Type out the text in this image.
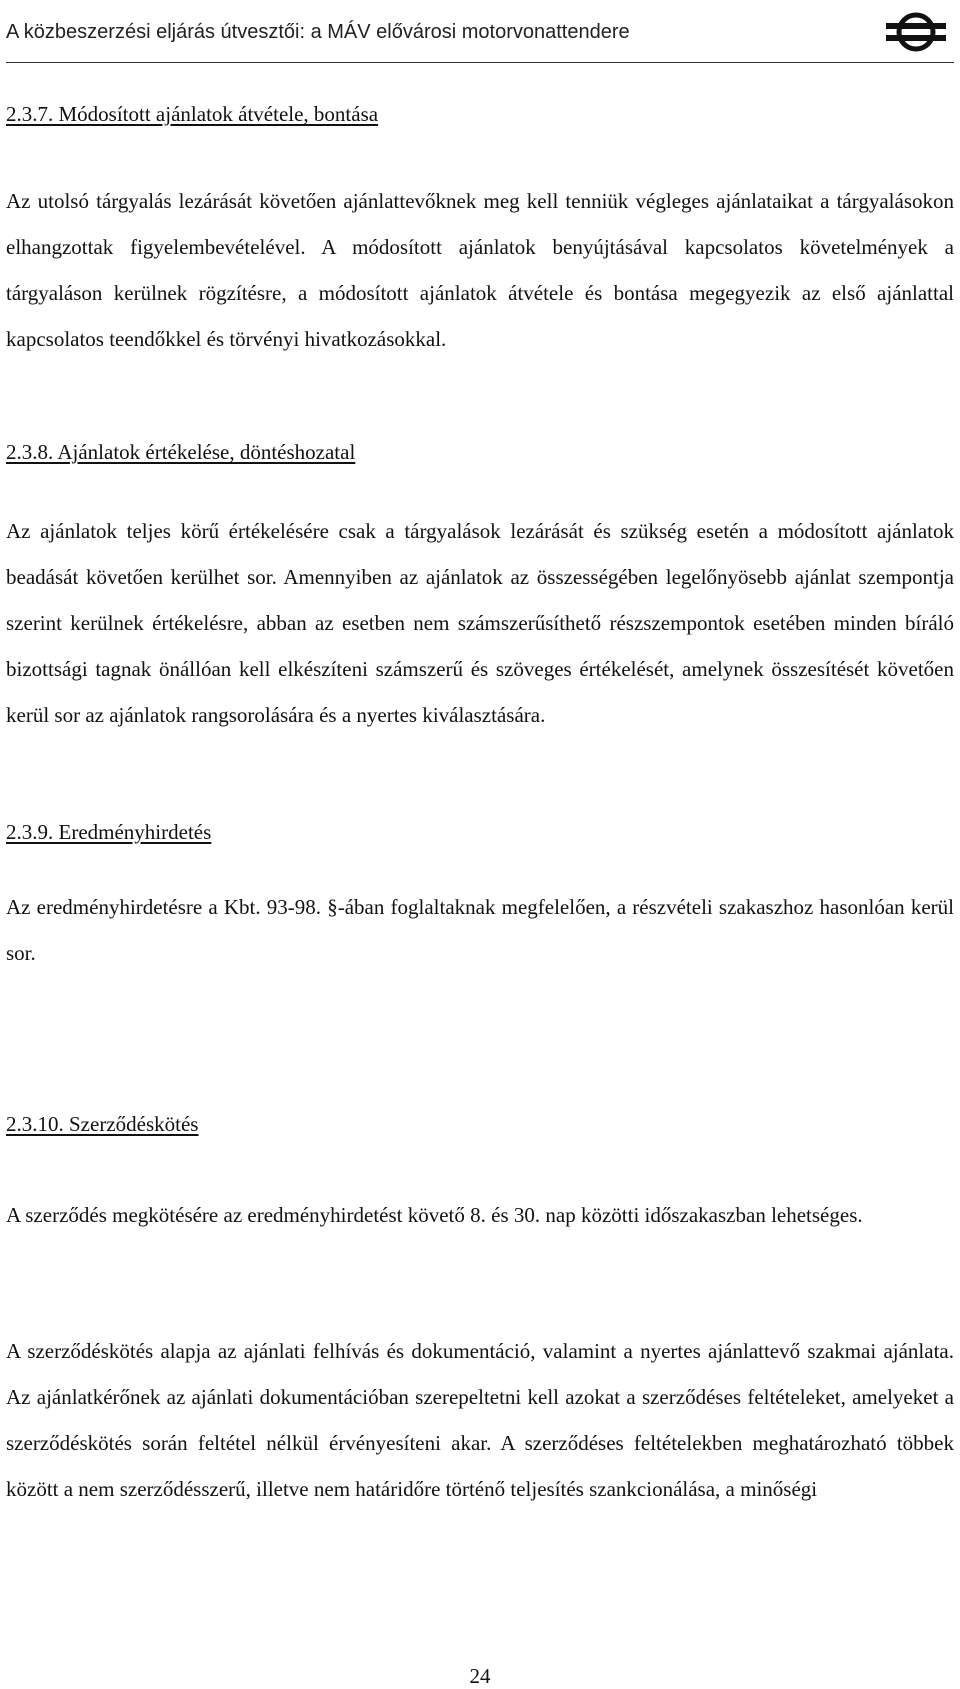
A közbeszerzési eljárás útvesztői: a MÁV elővárosi motorvonattendere
2.3.7. Módosított ajánlatok átvétele, bontása

Az utolsó tárgyalás lezárását követően ajánlattevőknek meg kell tenniük végleges ajánlataikat a tárgyalásokon elhangzottak figyelembevételével. A módosított ajánlatok benyújtásával kapcsolatos követelmények a tárgyaláson kerülnek rögzítésre, a módosított ajánlatok átvétele és bontása megegyezik az első ajánlattal kapcsolatos teendőkkel és törvényi hivatkozásokkal.

2.3.8. Ajánlatok értékelése, döntéshozatal

Az ajánlatok teljes körű értékelésére csak a tárgyalások lezárását és szükség esetén a módosított ajánlatok beadását követően kerülhet sor. Amennyiben az ajánlatok az összességében legelőnyösebb ajánlat szempontja szerint kerülnek értékelésre, abban az esetben nem számszerűsíthető részszempontok esetében minden bíráló bizottsági tagnak önállóan kell elkészíteni számszerű és szöveges értékelését, amelynek összesítését követően kerül sor az ajánlatok rangsorolására és a nyertes kiválasztására.

2.3.9. Eredményhirdetés

Az eredményhirdetésre a Kbt. 93-98. §-ában foglaltaknak megfelelően, a részvételi szakaszhoz hasonlóan kerül sor.

2.3.10. Szerződéskötés

A szerződés megkötésére az eredményhirdetést követő 8. és 30. nap közötti időszakaszban lehetséges.

A szerződéskötés alapja az ajánlati felhívás és dokumentáció, valamint a nyertes ajánlattevő szakmai ajánlata. Az ajánlatkérőnek az ajánlati dokumentációban szerepeltetni kell azokat a szerződéses feltételeket, amelyeket a szerződéskötés során feltétel nélkül érvényesíteni akar. A szerződéses feltételekben meghatározható többek között a nem szerződésszerű, illetve nem határidőre történő teljesítés szankcionálása, a minőségi

24
